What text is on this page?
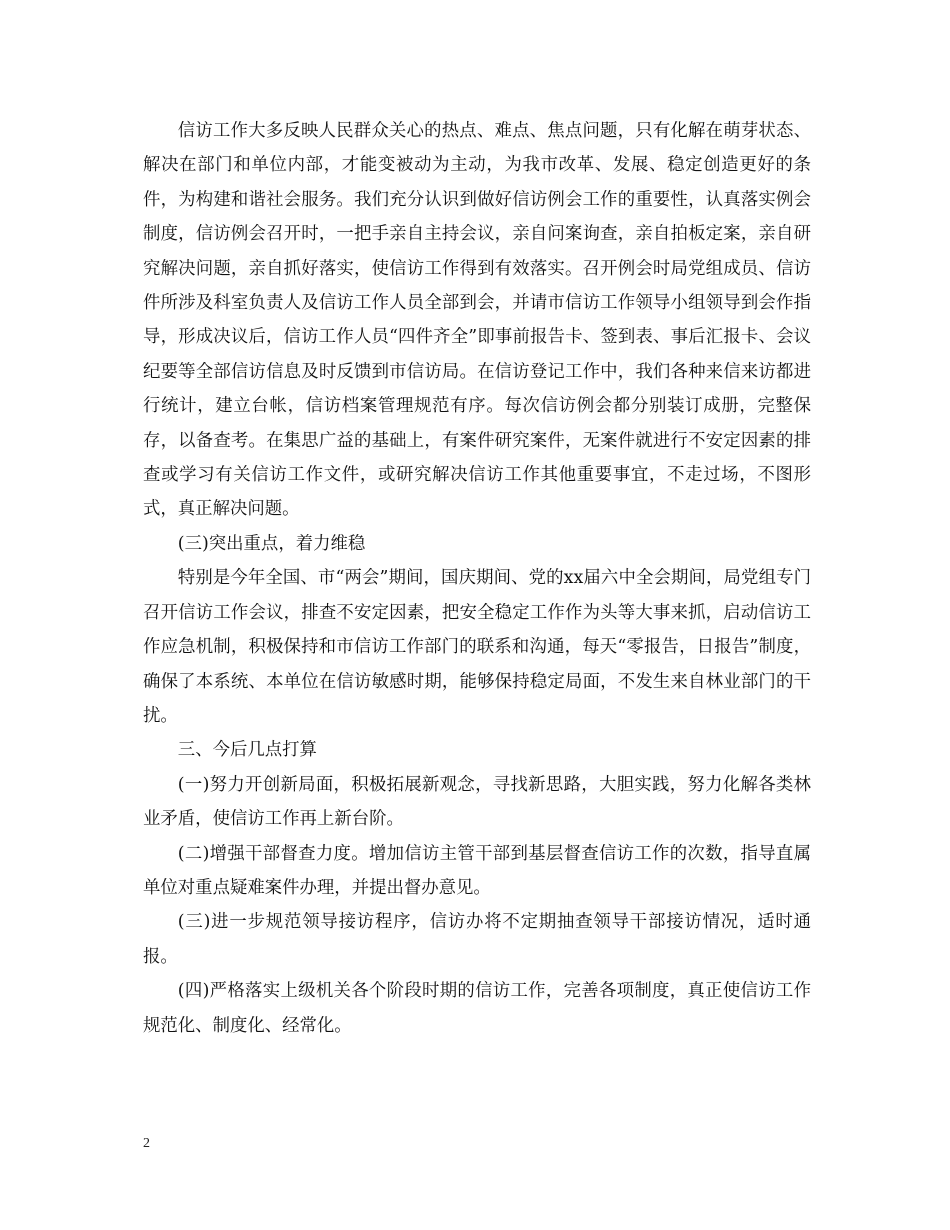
信访工作大多反映人民群众关心的热点、难点、焦点问题，只有化解在萌芽状态、解决在部门和单位内部，才能变被动为主动，为我市改革、发展、稳定创造更好的条件，为构建和谐社会服务。我们充分认识到做好信访例会工作的重要性，认真落实例会制度，信访例会召开时，一把手亲自主持会议，亲自问案询查，亲自拍板定案，亲自研究解决问题，亲自抓好落实，使信访工作得到有效落实。召开例会时局党组成员、信访件所涉及科室负责人及信访工作人员全部到会，并请市信访工作领导小组领导到会作指导，形成决议后，信访工作人员“四件齐全”即事前报告卡、签到表、事后汇报卡、会议纪要等全部信访信息及时反馈到市信访局。在信访登记工作中，我们各种来信来访都进行统计，建立台帐，信访档案管理规范有序。每次信访例会都分别装订成册，完整保存，以备查考。在集思广益的基础上，有案件研究案件，无案件就进行不安定因素的排查或学习有关信访工作文件，或研究解决信访工作其他重要事宜，不走过场，不图形式，真正解决问题。

(三)突出重点，着力维稳

特别是今年全国、市“两会”期间，国庆期间、党的xx届六中全会期间，局党组专门召开信访工作会议，排查不安定因素，把安全稳定工作作为头等大事来抓，启动信访工作应急机制，积极保持和市信访工作部门的联系和沟通，每天“零报告，日报告”制度，确保了本系统、本单位在信访敏感时期，能够保持稳定局面，不发生来自林业部门的干扰。

三、今后几点打算

(一)努力开创新局面，积极拓展新观念，寻找新思路，大胆实践，努力化解各类林业矛盾，使信访工作再上新台阶。

(二)增强干部督查力度。增加信访主管干部到基层督查信访工作的次数，指导直属单位对重点疑难案件办理，并提出督办意见。

(三)进一步规范领导接访程序，信访办将不定期抽查领导干部接访情况，适时通报。

(四)严格落实上级机关各个阶段时期的信访工作，完善各项制度，真正使信访工作规范化、制度化、经常化。

2
